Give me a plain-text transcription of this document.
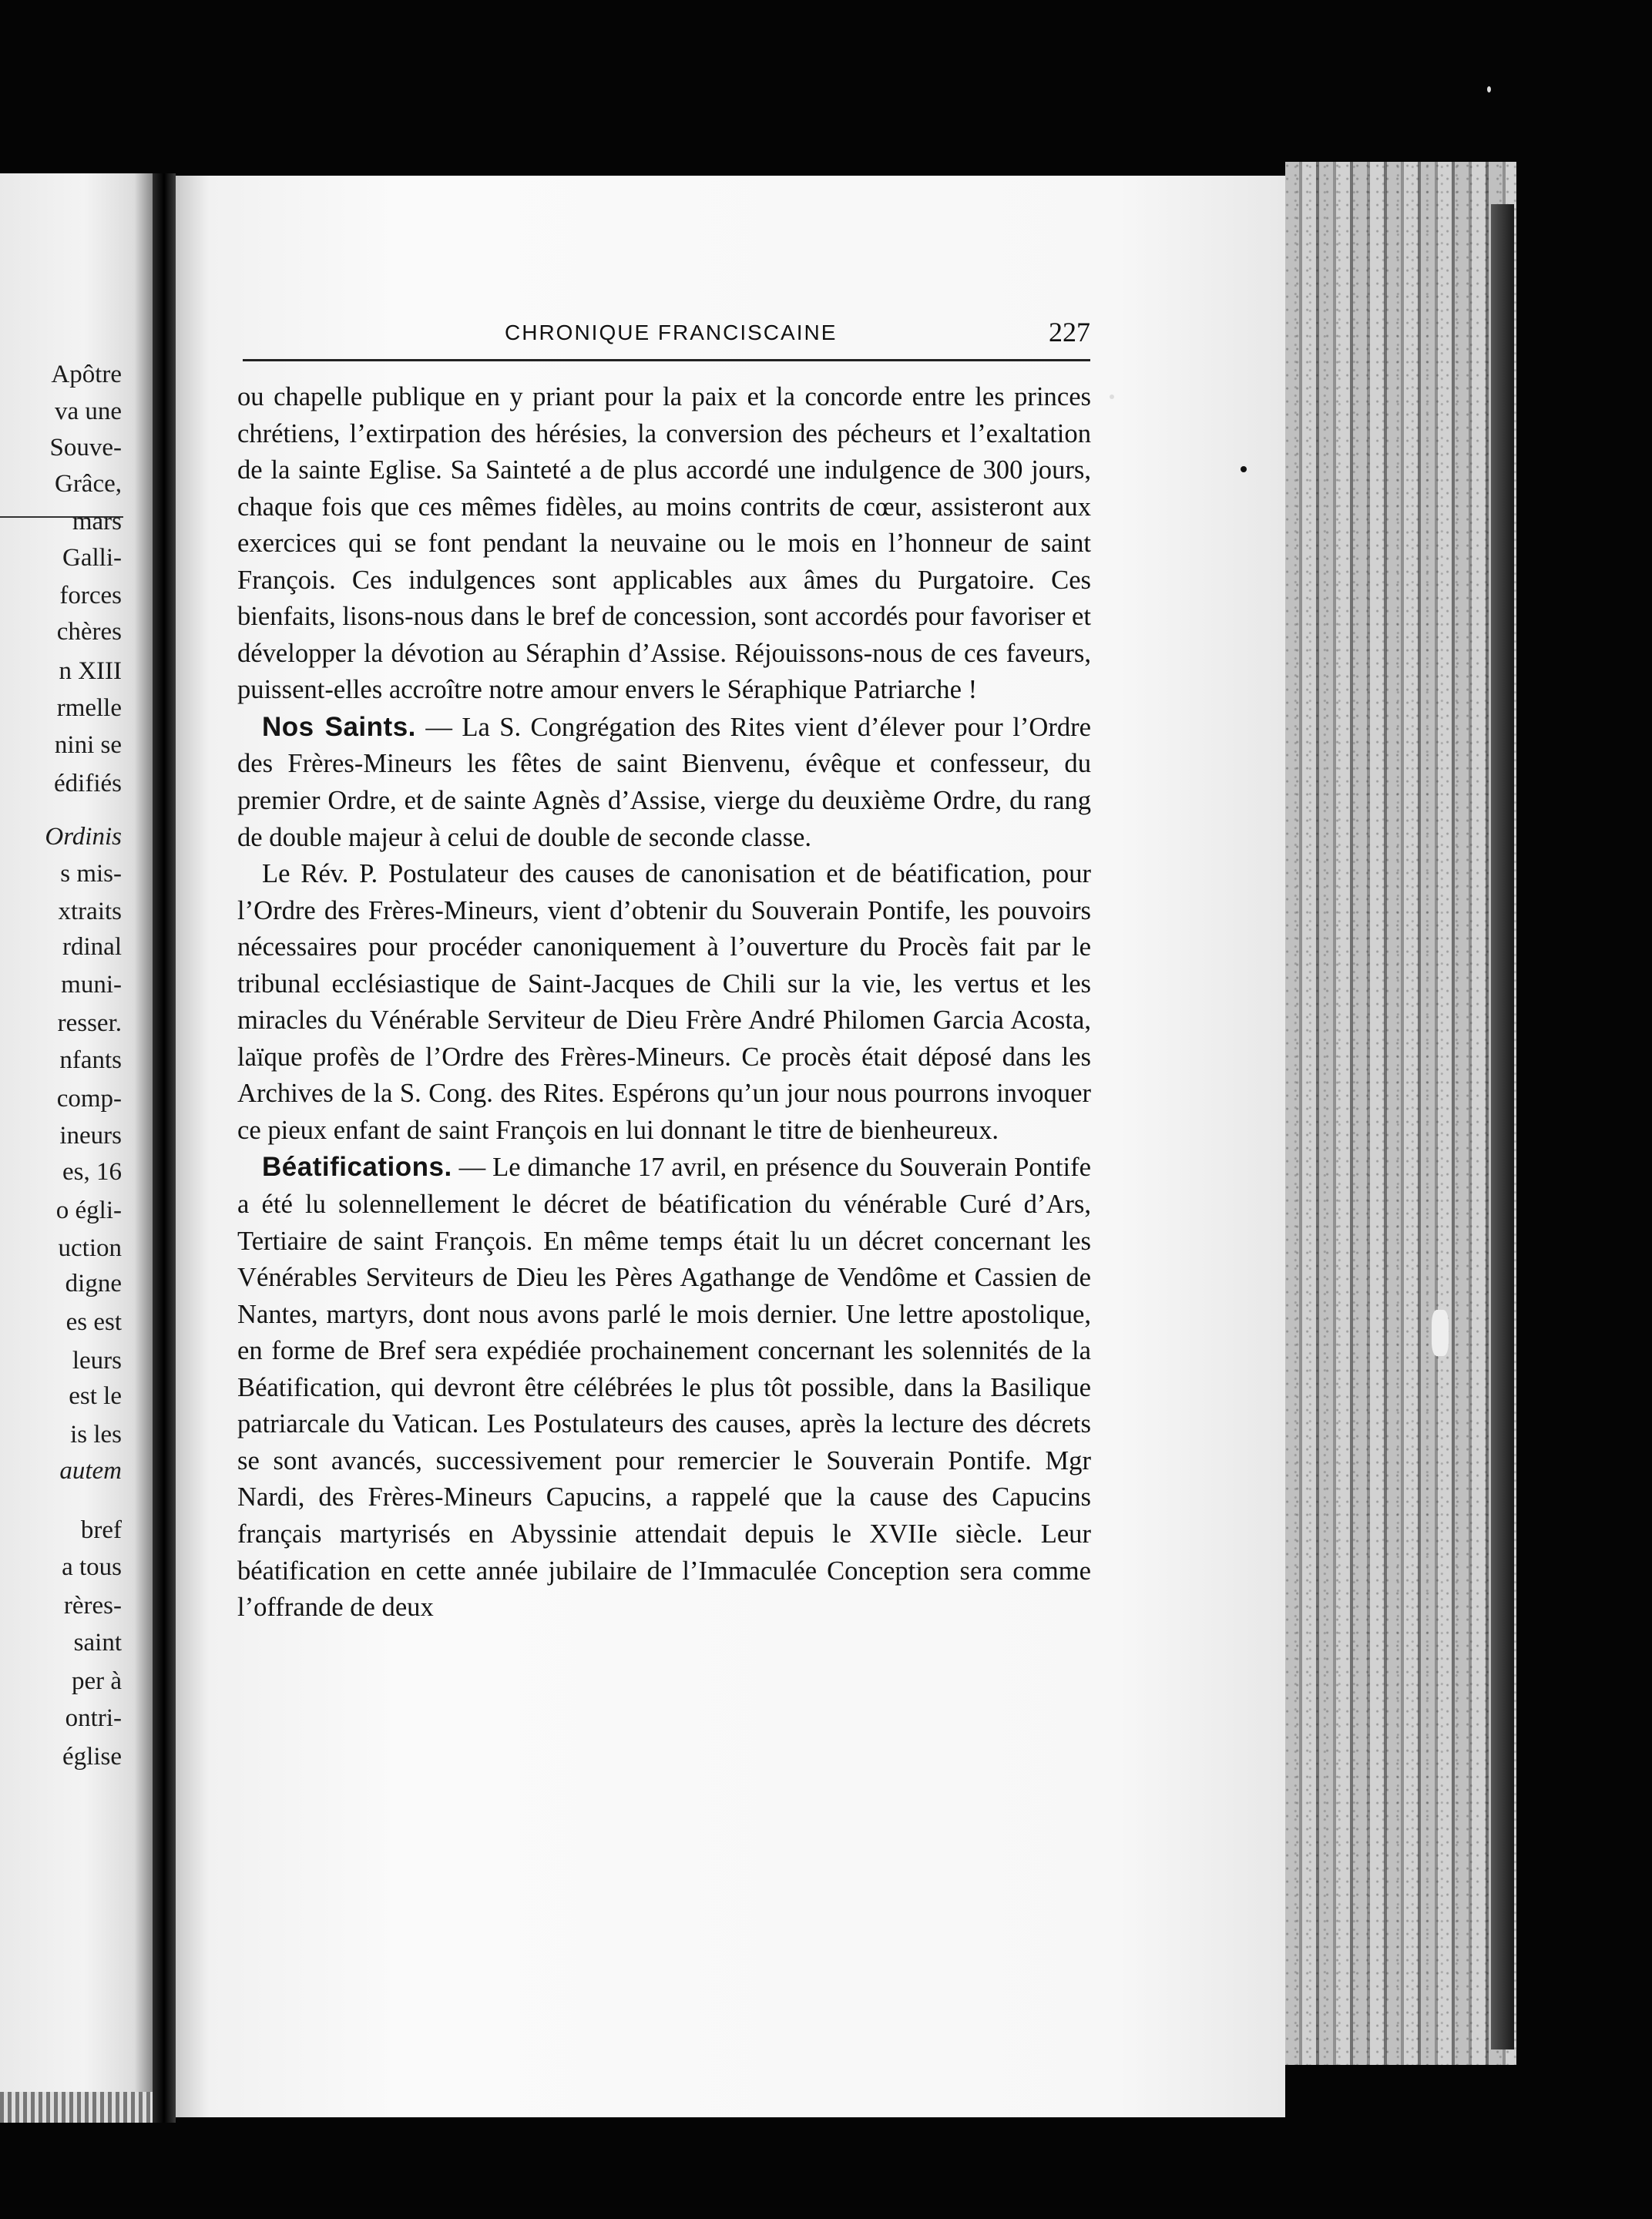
Apôtre
va une
Souve-
Grâce,
mars
Galli-
forces
chères
n XIII
rmelle
nini se
édifiés
Ordinis
s mis-
xtraits
rdinal
muni-
resser.
nfants
comp-
ineurs
es, 16
o égli-
uction
digne
es est
leurs
est le
is les
autem
bref
a tous
rères-
saint
per à
ontri-
église
CHRONIQUE FRANCISCAINE	227

ou chapelle publique en y priant pour la paix et la concorde entre les princes chrétiens, l’extirpation des hérésies, la conversion des pécheurs et l’exaltation de la sainte Eglise. Sa Sainteté a de plus accordé une indulgence de 300 jours, chaque fois que ces mêmes fidèles, au moins contrits de cœur, assisteront aux exercices qui se font pendant la neuvaine ou le mois en l’honneur de saint François. Ces indulgences sont applicables aux âmes du Purgatoire. Ces bienfaits, lisons-nous dans le bref de concession, sont accordés pour favoriser et développer la dévotion au Séraphin d’Assise. Réjouissons-nous de ces faveurs, puissent-elles accroître notre amour envers le Séraphique Patriarche !

Nos Saints. — La S. Congrégation des Rites vient d’élever pour l’Ordre des Frères-Mineurs les fêtes de saint Bienvenu, évêque et confesseur, du premier Ordre, et de sainte Agnès d’Assise, vierge du deuxième Ordre, du rang de double majeur à celui de double de seconde classe.

Le Rév. P. Postulateur des causes de canonisation et de béatification, pour l’Ordre des Frères-Mineurs, vient d’obtenir du Souverain Pontife, les pouvoirs nécessaires pour procéder canoniquement à l’ouverture du Procès fait par le tribunal ecclésiastique de Saint-Jacques de Chili sur la vie, les vertus et les miracles du Vénérable Serviteur de Dieu Frère André Philomen Garcia Acosta, laïque profès de l’Ordre des Frères-Mineurs. Ce procès était déposé dans les Archives de la S. Cong. des Rites. Espérons qu’un jour nous pourrons invoquer ce pieux enfant de saint François en lui donnant le titre de bienheureux.

Béatifications. — Le dimanche 17 avril, en présence du Souverain Pontife a été lu solennellement le décret de béatification du vénérable Curé d’Ars, Tertiaire de saint François. En même temps était lu un décret concernant les Vénérables Serviteurs de Dieu les Pères Agathange de Vendôme et Cassien de Nantes, martyrs, dont nous avons parlé le mois dernier. Une lettre apostolique, en forme de Bref sera expédiée prochainement concernant les solennités de la Béatification, qui devront être célébrées le plus tôt possible, dans la Basilique patriarcale du Vatican. Les Postulateurs des causes, après la lecture des décrets se sont avancés, successivement pour remercier le Souverain Pontife. Mgr Nardi, des Frères-Mineurs Capucins, a rappelé que la cause des Capucins français martyrisés en Abyssinie attendait depuis le XVIIe siècle. Leur béatification en cette année jubilaire de l’Immaculée Conception sera comme l’offrande de deux
